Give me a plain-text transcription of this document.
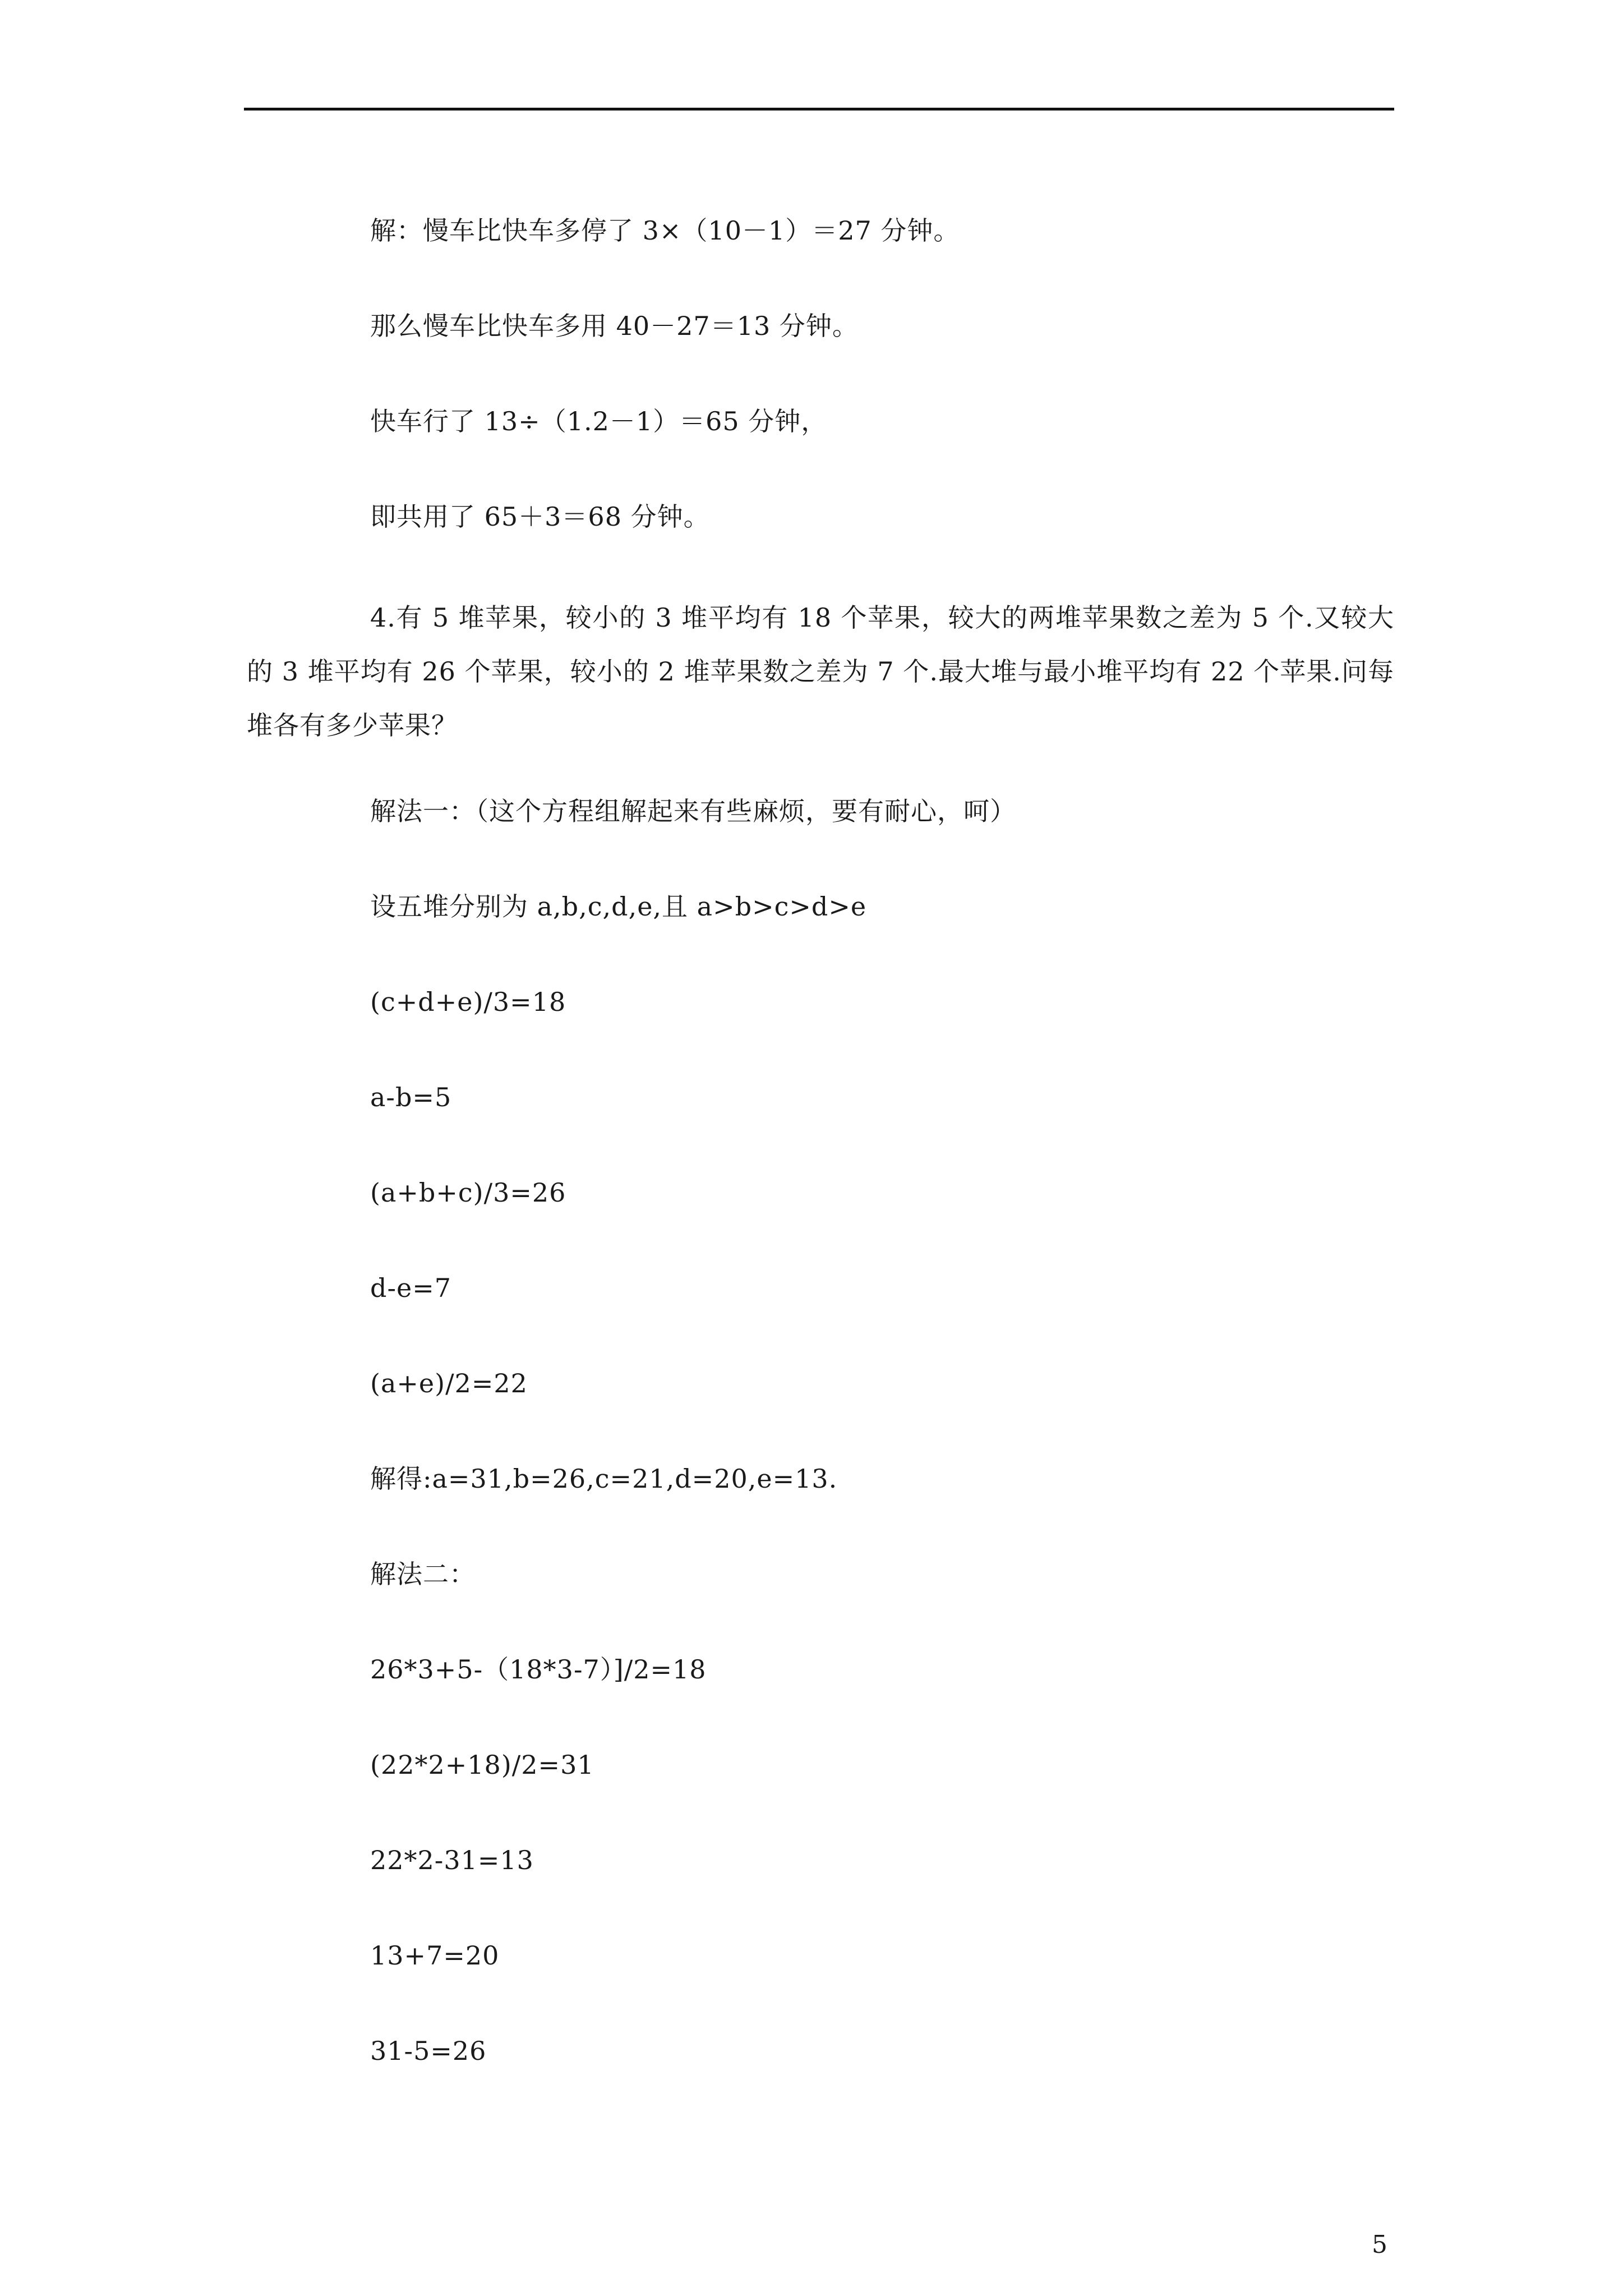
解：慢车比快车多停了 3×（10－1）＝27 分钟。
那么慢车比快车多用 40－27＝13 分钟。
快车行了 13÷（1.2－1）＝65 分钟，
即共用了 65＋3＝68 分钟。

4.有 5 堆苹果，较小的 3 堆平均有 18 个苹果，较大的两堆苹果数之差为 5 个.又较大的 3 堆平均有 26 个苹果，较小的 2 堆苹果数之差为 7 个.最大堆与最小堆平均有 22 个苹果.问每堆各有多少苹果？

解法一：（这个方程组解起来有些麻烦，要有耐心，呵）
设五堆分别为 a,b,c,d,e,且 a>b>c>d>e
(c+d+e)/3=18
a-b=5
(a+b+c)/3=26
d-e=7
(a+e)/2=22
解得:a=31,b=26,c=21,d=20,e=13.
解法二：
26*3+5-（18*3-7）]/2=18
(22*2+18)/2=31
22*2-31=13
13+7=20
31-5=26
5
